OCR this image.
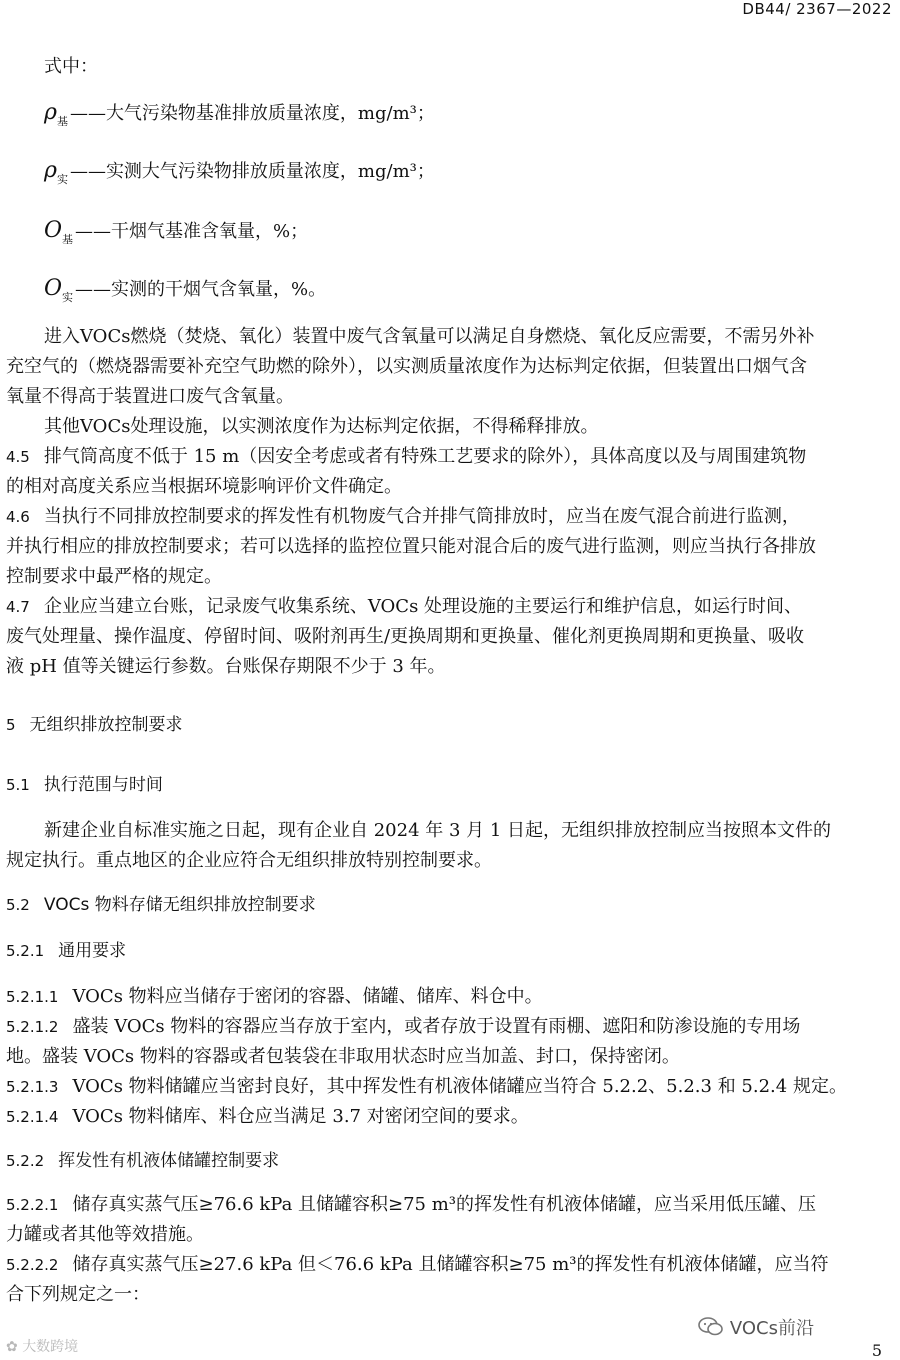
DB44/ 2367—2022
式中：
$\rho_基$ ——大气污染物基准排放质量浓度，mg/m³；
$\rho_实$ ——实测大气污染物排放质量浓度，mg/m³；
$O_基$ ——干烟气基准含氧量，%；
$O_实$ ——实测的干烟气含氧量，%。
进入VOCs燃烧（焚烧、氧化）装置中废气含氧量可以满足自身燃烧、氧化反应需要，不需另外补
充空气的（燃烧器需要补充空气助燃的除外），以实测质量浓度作为达标判定依据，但装置出口烟气含
氧量不得高于装置进口废气含氧量。
其他VOCs处理设施，以实测浓度作为达标判定依据，不得稀释排放。
4.5 排气筒高度不低于 15 m（因安全考虑或者有特殊工艺要求的除外），具体高度以及与周围建筑物
的相对高度关系应当根据环境影响评价文件确定。
4.6 当执行不同排放控制要求的挥发性有机物废气合并排气筒排放时，应当在废气混合前进行监测，
并执行相应的排放控制要求；若可以选择的监控位置只能对混合后的废气进行监测，则应当执行各排放
控制要求中最严格的规定。
4.7 企业应当建立台账，记录废气收集系统、VOCs 处理设施的主要运行和维护信息，如运行时间、
废气处理量、操作温度、停留时间、吸附剂再生/更换周期和更换量、催化剂更换周期和更换量、吸收
液 pH 值等关键运行参数。台账保存期限不少于 3 年。
5 无组织排放控制要求
5.1 执行范围与时间
新建企业自标准实施之日起，现有企业自 2024 年 3 月 1 日起，无组织排放控制应当按照本文件的
规定执行。重点地区的企业应符合无组织排放特别控制要求。
5.2 VOCs 物料存储无组织排放控制要求
5.2.1 通用要求
5.2.1.1 VOCs 物料应当储存于密闭的容器、储罐、储库、料仓中。
5.2.1.2 盛装 VOCs 物料的容器应当存放于室内，或者存放于设置有雨棚、遮阳和防渗设施的专用场
地。盛装 VOCs 物料的容器或者包装袋在非取用状态时应当加盖、封口，保持密闭。
5.2.1.3 VOCs 物料储罐应当密封良好，其中挥发性有机液体储罐应当符合 5.2.2、5.2.3 和 5.2.4 规定。
5.2.1.4 VOCs 物料储库、料仓应当满足 3.7 对密闭空间的要求。
5.2.2 挥发性有机液体储罐控制要求
5.2.2.1 储存真实蒸气压≥76.6 kPa 且储罐容积≥75 m³的挥发性有机液体储罐，应当采用低压罐、压
力罐或者其他等效措施。
5.2.2.2 储存真实蒸气压≥27.6 kPa 但＜76.6 kPa 且储罐容积≥75 m³的挥发性有机液体储罐，应当符
合下列规定之一：
✿ 大数跨境
VOCs前沿
5
